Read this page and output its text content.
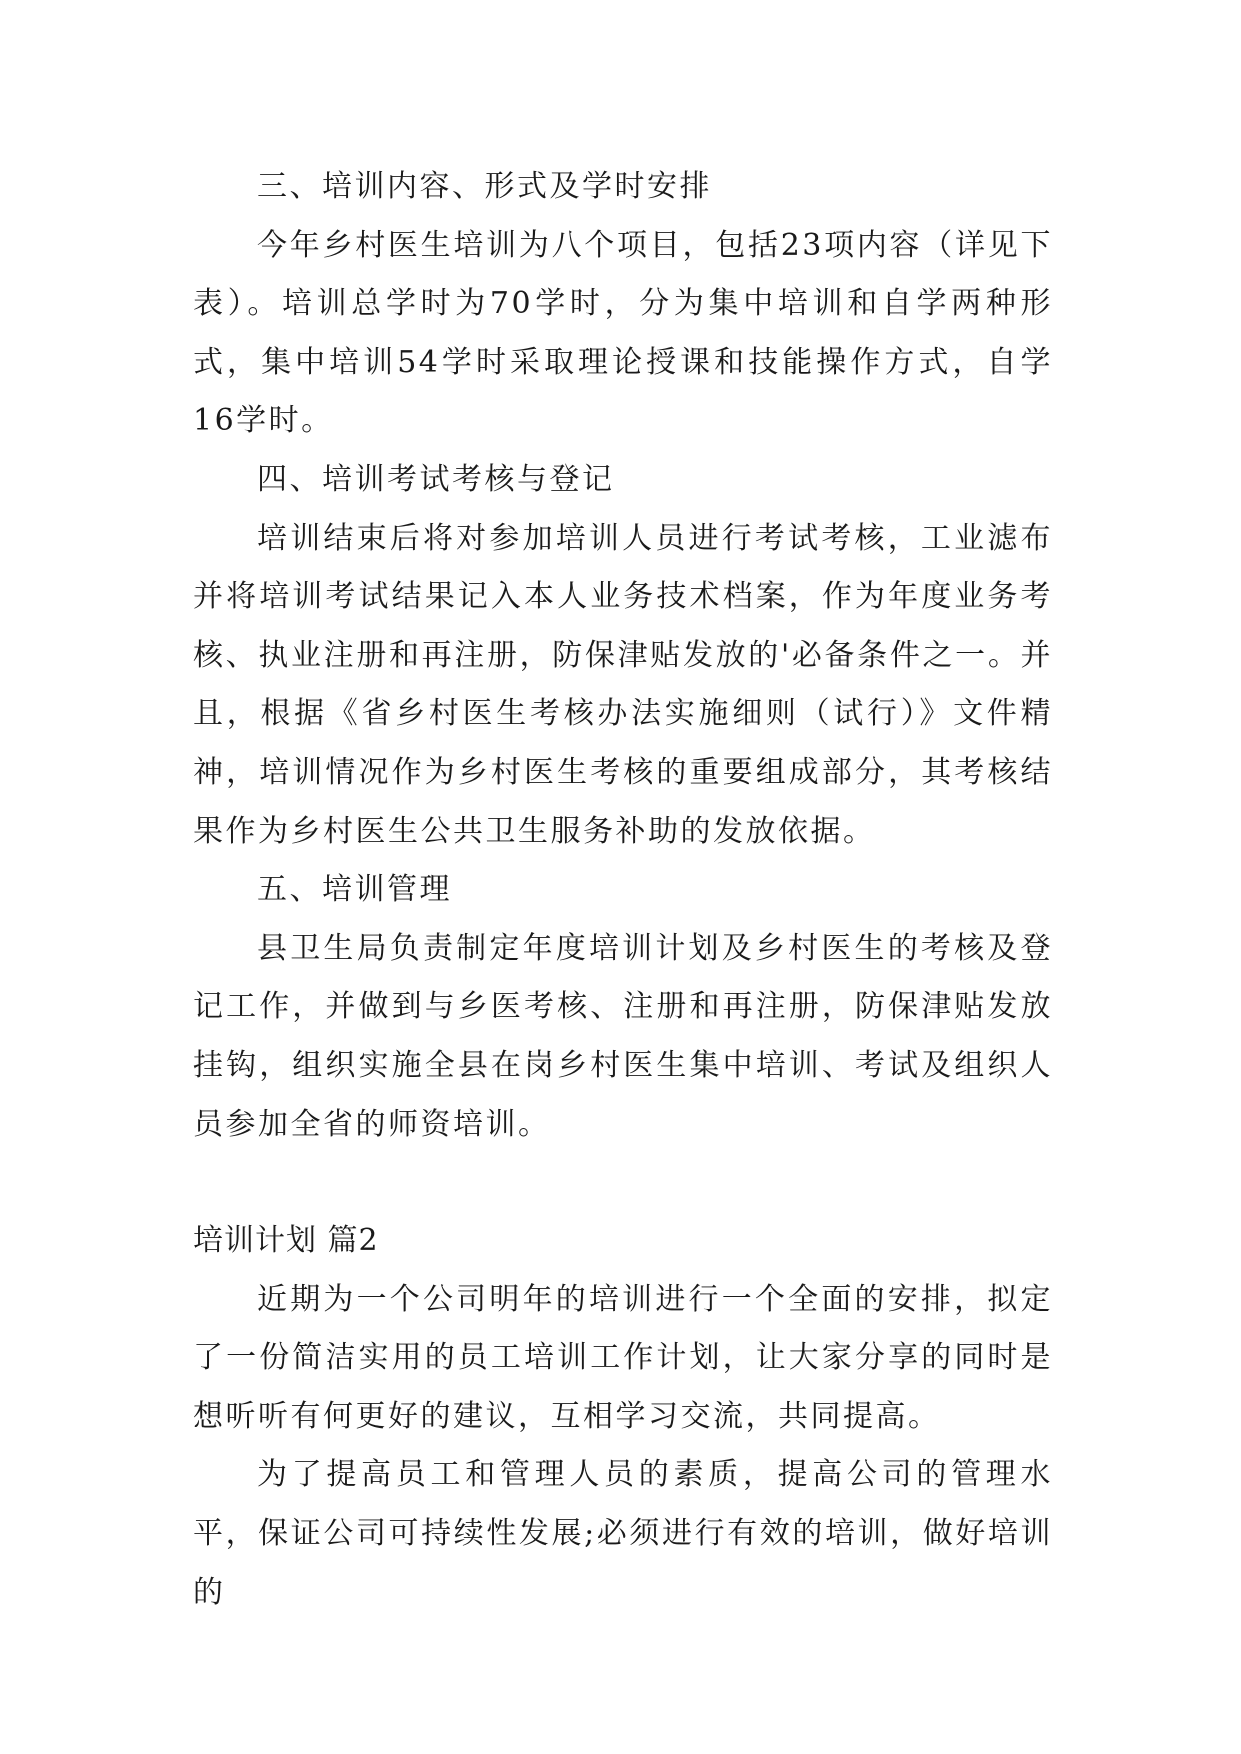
三、培训内容、形式及学时安排

今年乡村医生培训为八个项目，包括23项内容（详见下表）。培训总学时为70学时，分为集中培训和自学两种形式，集中培训54学时采取理论授课和技能操作方式，自学16学时。

四、培训考试考核与登记

培训结束后将对参加培训人员进行考试考核，工业滤布并将培训考试结果记入本人业务技术档案，作为年度业务考核、执业注册和再注册，防保津贴发放的'必备条件之一。并且，根据《省乡村医生考核办法实施细则（试行）》文件精神，培训情况作为乡村医生考核的重要组成部分，其考核结果作为乡村医生公共卫生服务补助的发放依据。

五、培训管理

县卫生局负责制定年度培训计划及乡村医生的考核及登记工作，并做到与乡医考核、注册和再注册，防保津贴发放挂钩，组织实施全县在岗乡村医生集中培训、考试及组织人员参加全省的师资培训。

培训计划 篇2

近期为一个公司明年的培训进行一个全面的安排，拟定了一份简洁实用的员工培训工作计划，让大家分享的同时是想听听有何更好的建议，互相学习交流，共同提高。

为了提高员工和管理人员的素质，提高公司的管理水平，保证公司可持续性发展;必须进行有效的培训，做好培训的
